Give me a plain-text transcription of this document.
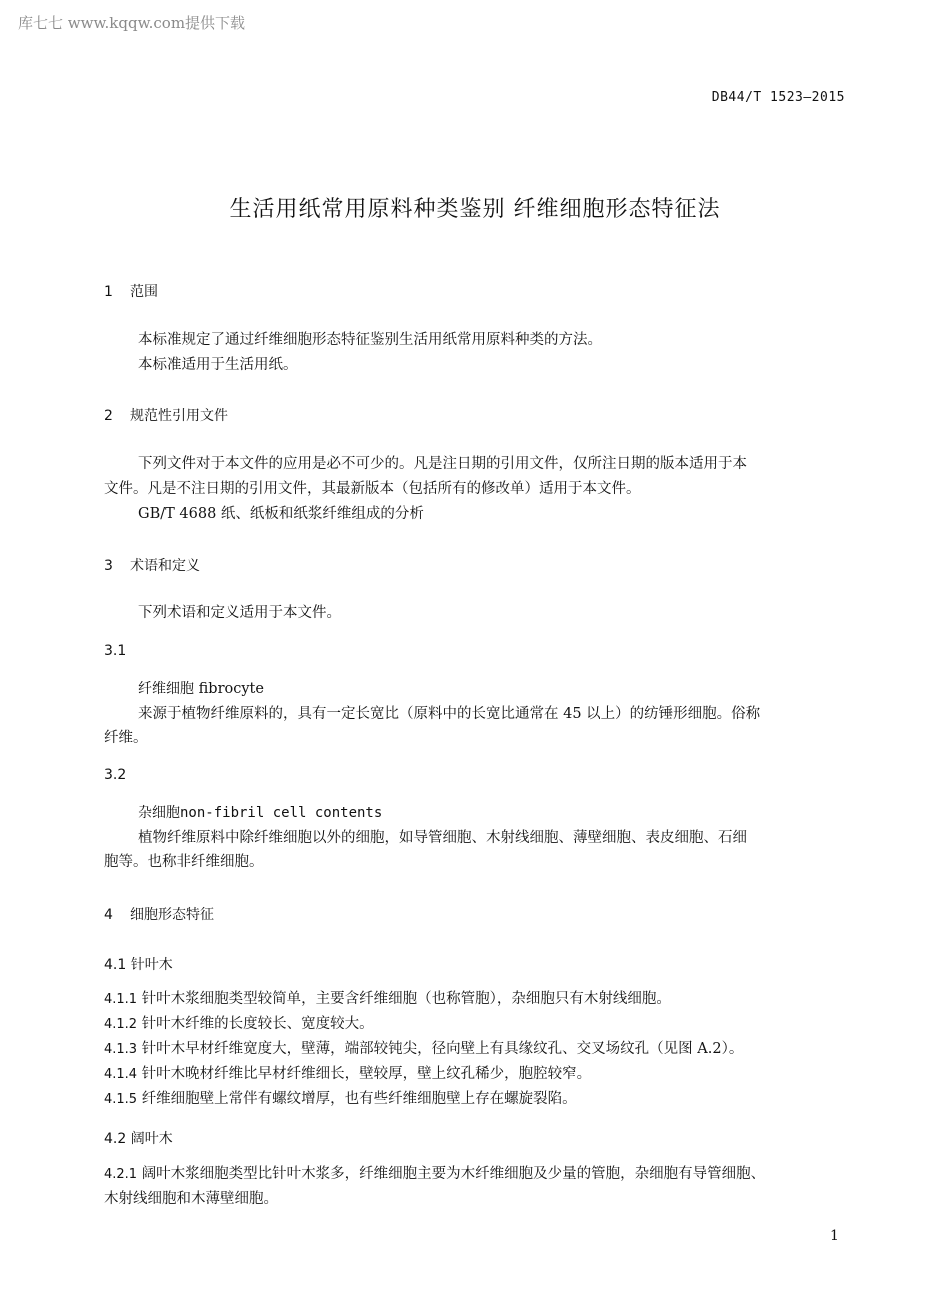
库七七 www.kqqw.com提供下载
DB44/T 1523—2015
生活用纸常用原料种类鉴别 纤维细胞形态特征法
1 范围
本标准规定了通过纤维细胞形态特征鉴别生活用纸常用原料种类的方法。
本标准适用于生活用纸。
2 规范性引用文件
下列文件对于本文件的应用是必不可少的。凡是注日期的引用文件，仅所注日期的版本适用于本
文件。凡是不注日期的引用文件，其最新版本（包括所有的修改单）适用于本文件。
GB/T 4688 纸、纸板和纸浆纤维组成的分析
3 术语和定义
下列术语和定义适用于本文件。
3.1
纤维细胞 fibrocyte
来源于植物纤维原料的，具有一定长宽比（原料中的长宽比通常在 45 以上）的纺锤形细胞。俗称
纤维。
3.2
杂细胞non-fibril cell contents
植物纤维原料中除纤维细胞以外的细胞，如导管细胞、木射线细胞、薄壁细胞、表皮细胞、石细
胞等。也称非纤维细胞。
4 细胞形态特征
4.1 针叶木
4.1.1 针叶木浆细胞类型较简单，主要含纤维细胞（也称管胞），杂细胞只有木射线细胞。
4.1.2 针叶木纤维的长度较长、宽度较大。
4.1.3 针叶木早材纤维宽度大，壁薄，端部较钝尖，径向壁上有具缘纹孔、交叉场纹孔（见图 A.2）。
4.1.4 针叶木晚材纤维比早材纤维细长，壁较厚，壁上纹孔稀少，胞腔较窄。
4.1.5 纤维细胞壁上常伴有螺纹增厚，也有些纤维细胞壁上存在螺旋裂陷。
4.2 阔叶木
4.2.1 阔叶木浆细胞类型比针叶木浆多，纤维细胞主要为木纤维细胞及少量的管胞，杂细胞有导管细胞、
木射线细胞和木薄壁细胞。
1
